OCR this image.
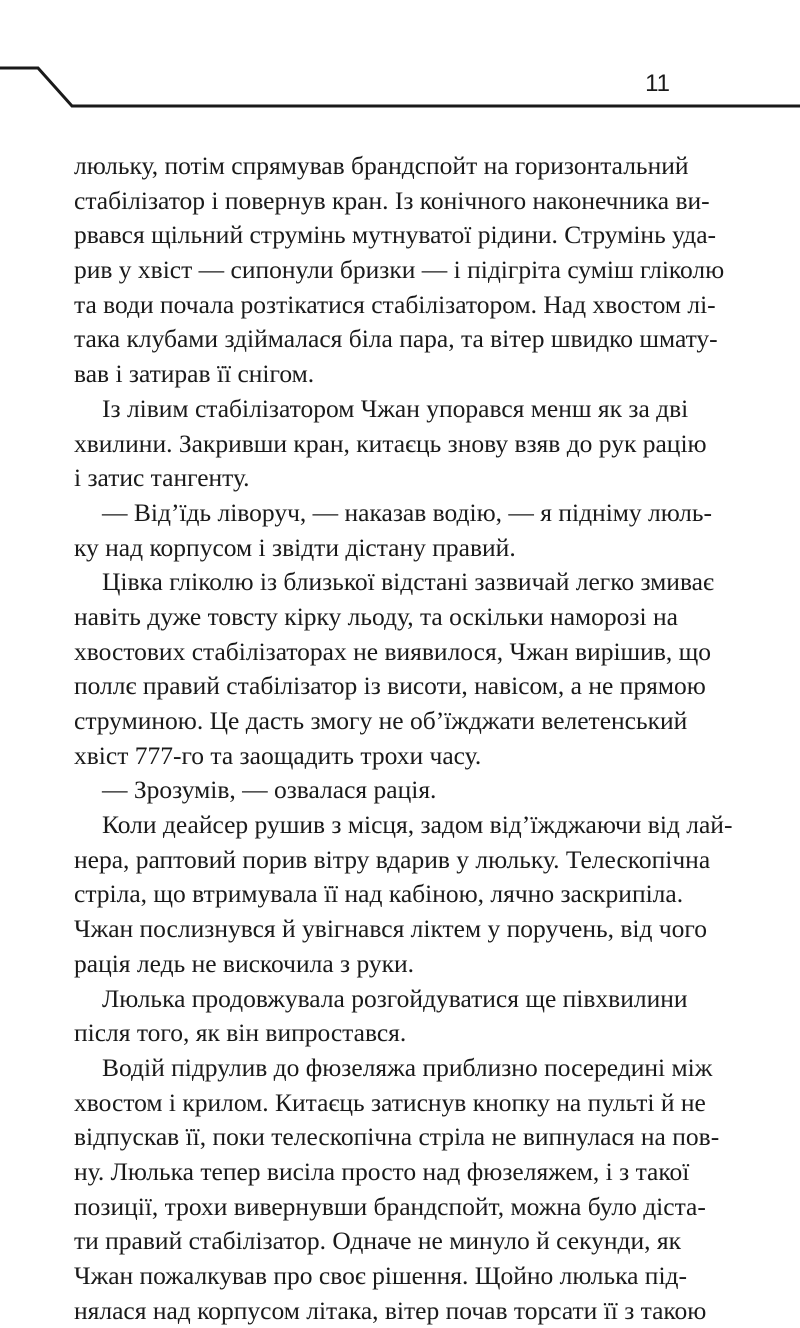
11
люльку, потім спрямував брандспойт на горизонтальний
стабілізатор і повернув кран. Із конічного наконечника ви-
рвався щільний струмінь мутнуватої рідини. Струмінь уда-
рив у хвіст — сипонули бризки — і підігріта суміш гліколю
та води почала розтікатися стабілізатором. Над хвостом лі-
така клубами здіймалася біла пара, та вітер швидко шмату-
вав і затирав її снігом.
Із лівим стабілізатором Чжан упорався менш як за дві
хвилини. Закривши кран, китаєць знову взяв до рук рацію
і затис тангенту.
— Від’їдь ліворуч, — наказав водію, — я підніму люль-
ку над корпусом і звідти дістану правий.
Цівка гліколю із близької відстані зазвичай легко змиває
навіть дуже товсту кірку льоду, та оскільки наморозі на
хвостових стабілізаторах не виявилося, Чжан вирішив, що
поллє правий стабілізатор із висоти, навісом, а не прямою
струминою. Це дасть змогу не об’їжджати велетенський
хвіст 777-го та заощадить трохи часу.
— Зрозумів, — озвалася рація.
Коли деайсер рушив з місця, задом від’їжджаючи від лай-
нера, раптовий порив вітру вдарив у люльку. Телескопічна
стріла, що втримувала її над кабіною, лячно заскрипіла.
Чжан послизнувся й увігнався ліктем у поручень, від чого
рація ледь не вискочила з руки.
Люлька продовжувала розгойдуватися ще півхвилини
після того, як він випростався.
Водій підрулив до фюзеляжа приблизно посередині між
хвостом і крилом. Китаєць затиснув кнопку на пульті й не
відпускав її, поки телескопічна стріла не випнулася на пов-
ну. Люлька тепер висіла просто над фюзеляжем, і з такої
позиції, трохи вивернувши брандспойт, можна було діста-
ти правий стабілізатор. Одначе не минуло й секунди, як
Чжан пожалкував про своє рішення. Щойно люлька під-
нялася над корпусом літака, вітер почав торсати її з такою
